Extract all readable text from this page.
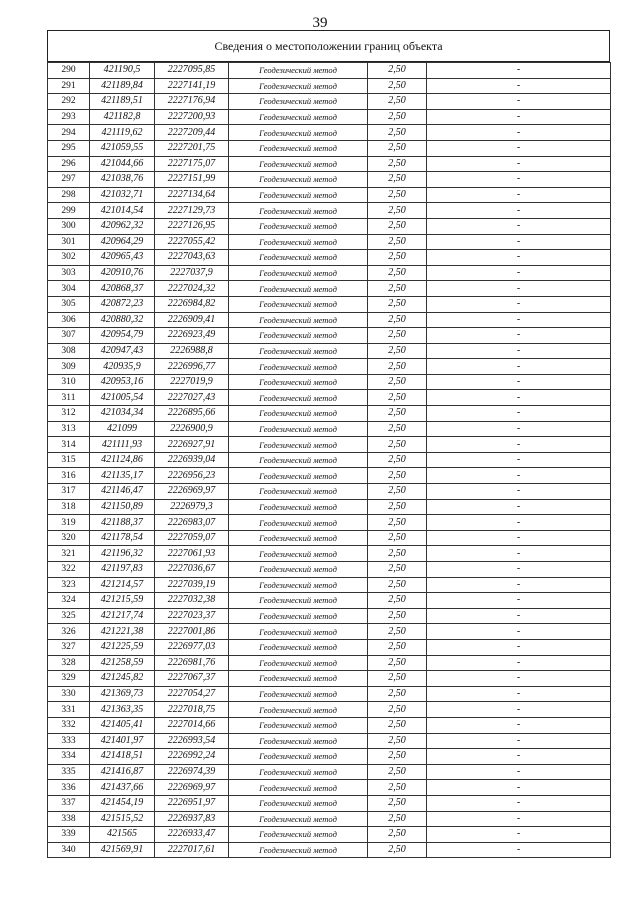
39
Сведения о местоположении границ объекта
290	421190,5	2227095,85	Геодезический метод	2,50	-
291	421189,84	2227141,19	Геодезический метод	2,50	-
292	421189,51	2227176,94	Геодезический метод	2,50	-
293	421182,8	2227200,93	Геодезический метод	2,50	-
294	421119,62	2227209,44	Геодезический метод	2,50	-
295	421059,55	2227201,75	Геодезический метод	2,50	-
296	421044,66	2227175,07	Геодезический метод	2,50	-
297	421038,76	2227151,99	Геодезический метод	2,50	-
298	421032,71	2227134,64	Геодезический метод	2,50	-
299	421014,54	2227129,73	Геодезический метод	2,50	-
300	420962,32	2227126,95	Геодезический метод	2,50	-
301	420964,29	2227055,42	Геодезический метод	2,50	-
302	420965,43	2227043,63	Геодезический метод	2,50	-
303	420910,76	2227037,9	Геодезический метод	2,50	-
304	420868,37	2227024,32	Геодезический метод	2,50	-
305	420872,23	2226984,82	Геодезический метод	2,50	-
306	420880,32	2226909,41	Геодезический метод	2,50	-
307	420954,79	2226923,49	Геодезический метод	2,50	-
308	420947,43	2226988,8	Геодезический метод	2,50	-
309	420935,9	2226996,77	Геодезический метод	2,50	-
310	420953,16	2227019,9	Геодезический метод	2,50	-
311	421005,54	2227027,43	Геодезический метод	2,50	-
312	421034,34	2226895,66	Геодезический метод	2,50	-
313	421099	2226900,9	Геодезический метод	2,50	-
314	421111,93	2226927,91	Геодезический метод	2,50	-
315	421124,86	2226939,04	Геодезический метод	2,50	-
316	421135,17	2226956,23	Геодезический метод	2,50	-
317	421146,47	2226969,97	Геодезический метод	2,50	-
318	421150,89	2226979,3	Геодезический метод	2,50	-
319	421188,37	2226983,07	Геодезический метод	2,50	-
320	421178,54	2227059,07	Геодезический метод	2,50	-
321	421196,32	2227061,93	Геодезический метод	2,50	-
322	421197,83	2227036,67	Геодезический метод	2,50	-
323	421214,57	2227039,19	Геодезический метод	2,50	-
324	421215,59	2227032,38	Геодезический метод	2,50	-
325	421217,74	2227023,37	Геодезический метод	2,50	-
326	421221,38	2227001,86	Геодезический метод	2,50	-
327	421225,59	2226977,03	Геодезический метод	2,50	-
328	421258,59	2226981,76	Геодезический метод	2,50	-
329	421245,82	2227067,37	Геодезический метод	2,50	-
330	421369,73	2227054,27	Геодезический метод	2,50	-
331	421363,35	2227018,75	Геодезический метод	2,50	-
332	421405,41	2227014,66	Геодезический метод	2,50	-
333	421401,97	2226993,54	Геодезический метод	2,50	-
334	421418,51	2226992,24	Геодезический метод	2,50	-
335	421416,87	2226974,39	Геодезический метод	2,50	-
336	421437,66	2226969,97	Геодезический метод	2,50	-
337	421454,19	2226951,97	Геодезический метод	2,50	-
338	421515,52	2226937,83	Геодезический метод	2,50	-
339	421565	2226933,47	Геодезический метод	2,50	-
340	421569,91	2227017,61	Геодезический метод	2,50	-
